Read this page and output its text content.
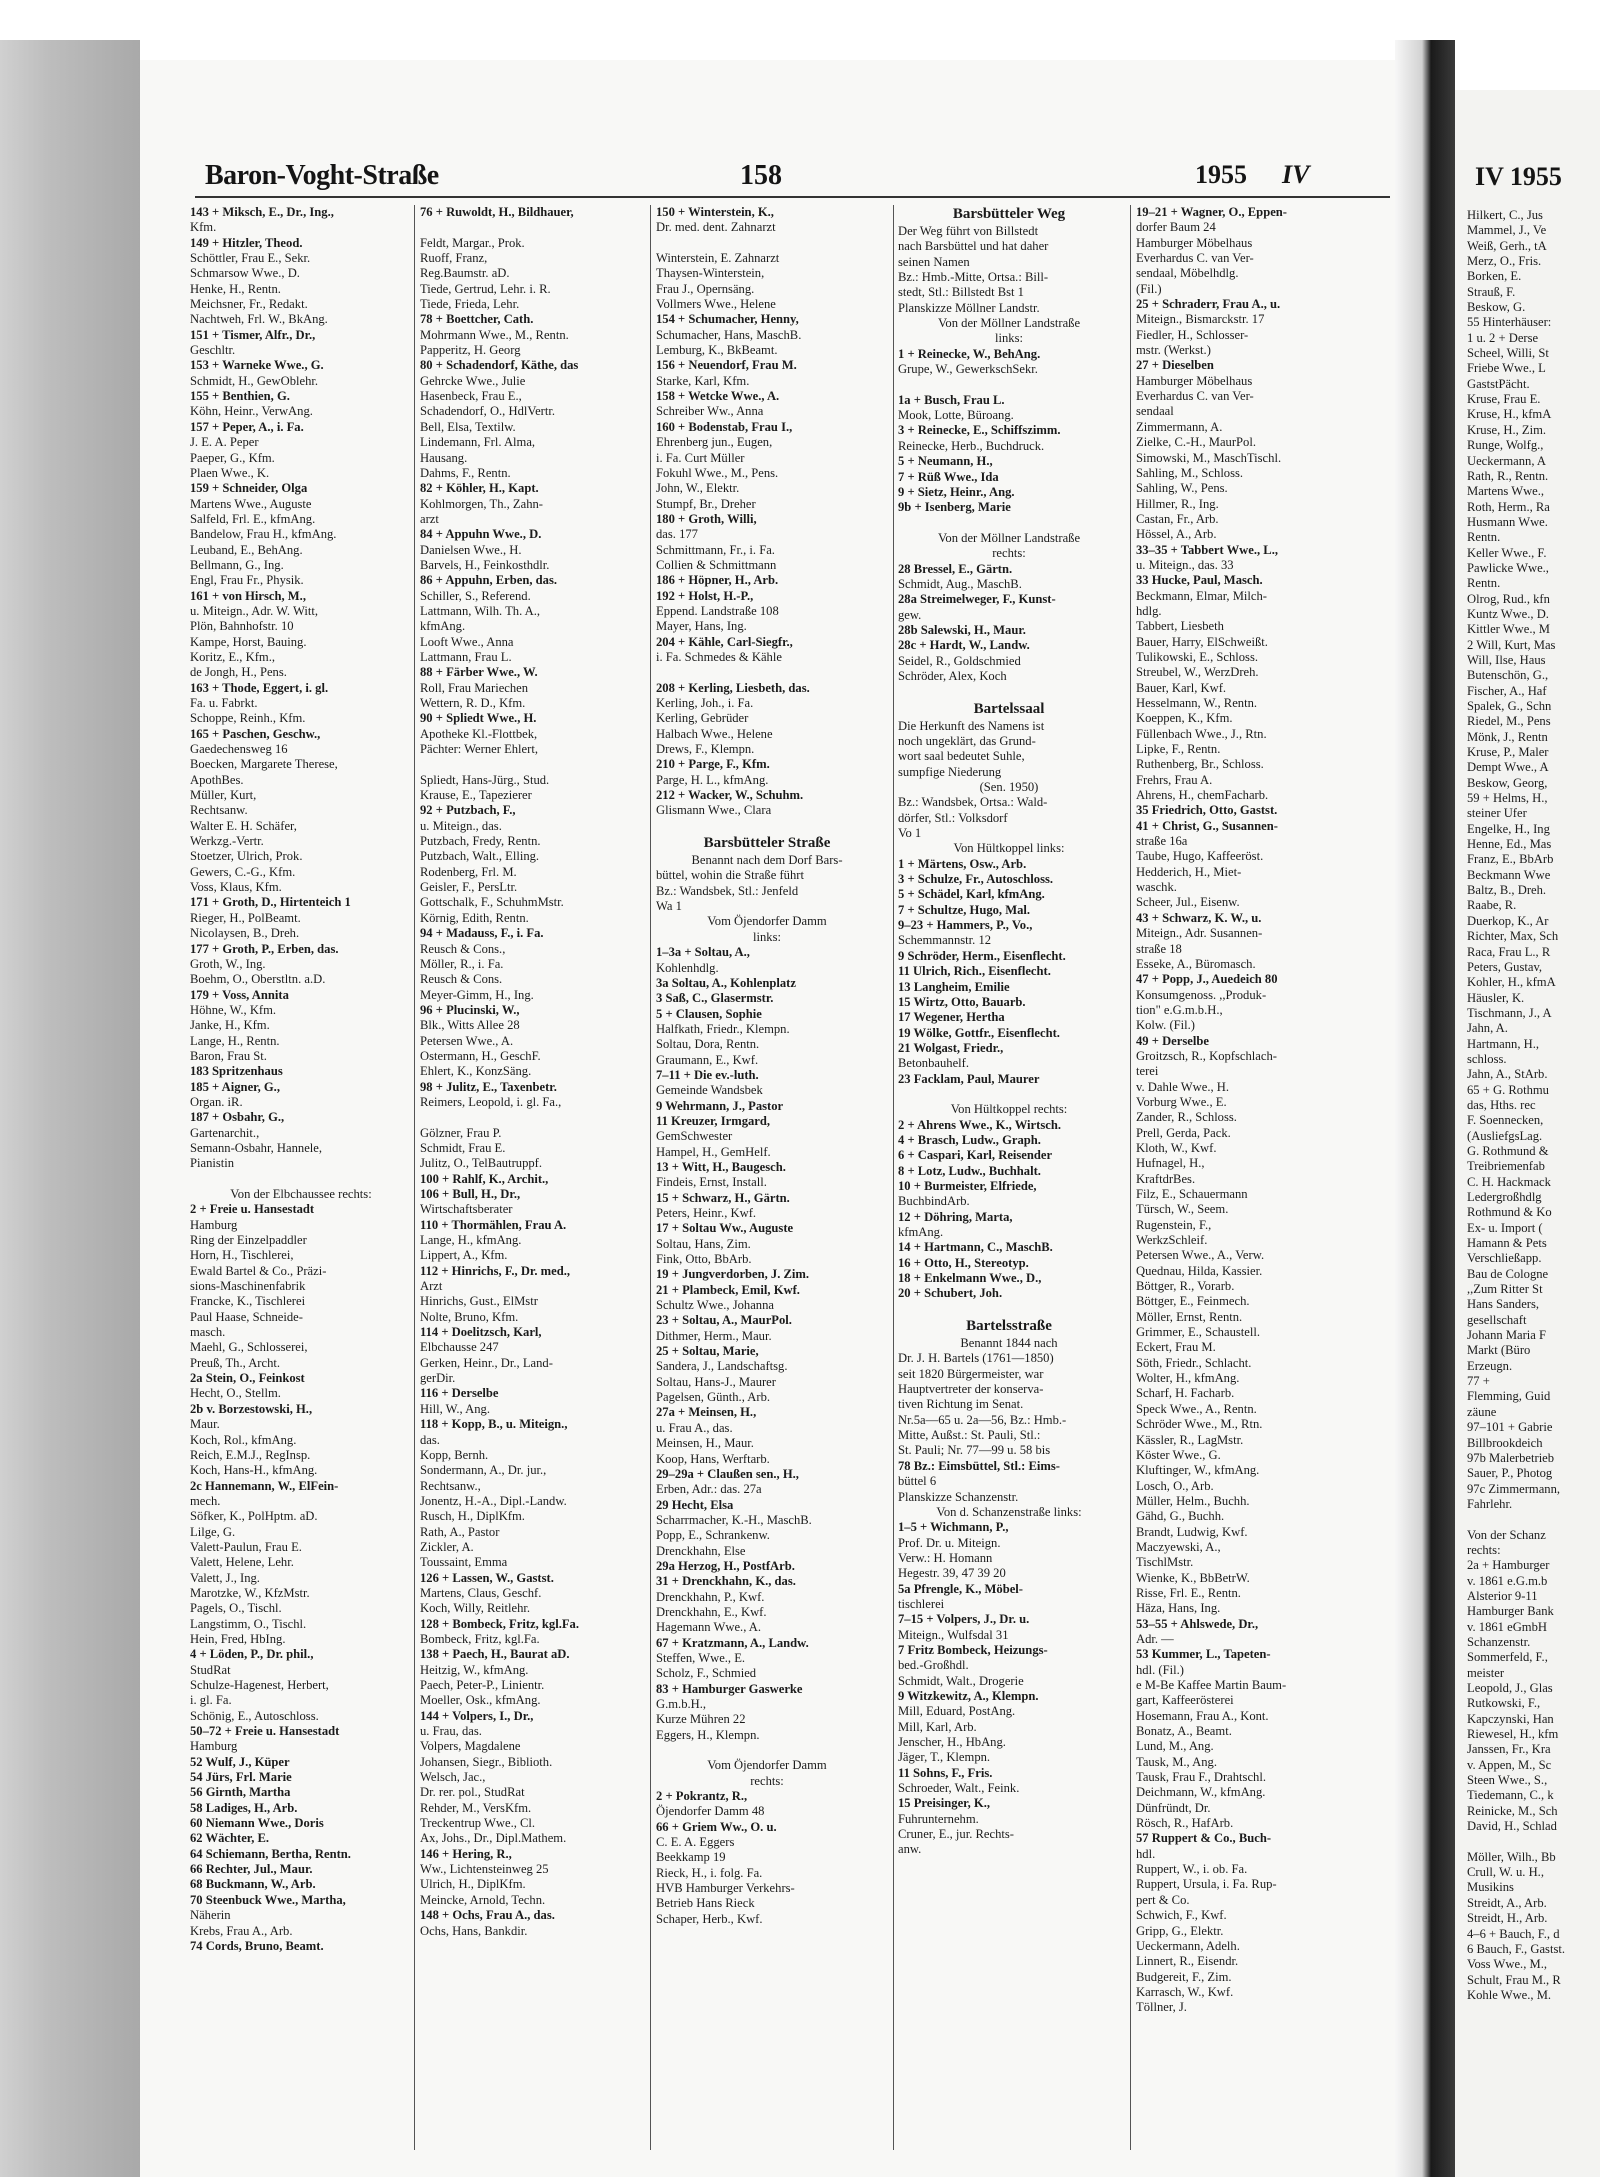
IV 1955
Hilkert, C., Jus
Mammel, J., Ve
Weiß, Gerh., tA
Merz, O., Fris.
Borken, E.
Strauß, F.
Beskow, G.
55 Hinterhäuser:
1 u. 2 + Derse
Scheel, Willi, St
Friebe Wwe., L
GaststPächt.
Kruse, Frau E.
Kruse, H., kfmA
Kruse, H., Zim.
Runge, Wolfg.,
Ueckermann, A
Rath, R., Rentn.
Martens Wwe.,
Roth, Herm., Ra
Husmann Wwe.
Rentn.
Keller Wwe., F.
Pawlicke Wwe.,
Rentn.
Olrog, Rud., kfn
Kuntz Wwe., D.
Kittler Wwe., M
2 Will, Kurt, Mas
Will, Ilse, Haus
Butenschön, G.,
Fischer, A., Haf
Spalek, G., Schn
Riedel, M., Pens
Mönk, J., Rentn
Kruse, P., Maler
Dempt Wwe., A
Beskow, Georg,
59 + Helms, H.,
steiner Ufer
Engelke, H., Ing
Henne, Ed., Mas
Franz, E., BbArb
Beckmann Wwe
Baltz, B., Dreh.
Raabe, R.
Duerkop, K., Ar
Richter, Max, Sch
Raca, Frau L., R
Peters, Gustav,
Kohler, H., kfmA
Häusler, K.
Tischmann, J., A
Jahn, A.
Hartmann, H.,
schloss.
Jahn, A., StArb.
65 + G. Rothmu
das, Hths. rec
F. Soennecken,
(AusliefgsLag.
G. Rothmund &
Treibriemenfab
C. H. Hackmack
Ledergroßhdlg
Rothmund & Ko
Ex- u. Import (
Hamann & Pets
Verschließapp.
Bau de Cologne
,,Zum Ritter St
Hans Sanders,
gesellschaft
Johann Maria F
Markt (Büro
Erzeugn.
77 +
Flemming, Guid
zäune
97–101 + Gabrie
Billbrookdeich
97b Malerbetrieb
Sauer, P., Photog
97c Zimmermann,
Fahrlehr.
Von der Schanz
rechts:
2a + Hamburger
v. 1861 e.G.m.b
Alsterior 9-11
Hamburger Bank
v. 1861 eGmbH
Schanzenstr.
Sommerfeld, F.,
meister
Leopold, J., Glas
Rutkowski, F.,
Kapczynski, Han
Riewesel, H., kfm
Janssen, Fr., Kra
v. Appen, M., Sc
Steen Wwe., S.,
Tiedemann, C., k
Reinicke, M., Sch
David, H., Schlad
Möller, Wilh., Bb
Crull, W. u. H.,
Musikins
Streidt, A., Arb.
Streidt, H., Arb.
4–6 + Bauch, F., d
6 Bauch, F., Gastst.
Voss Wwe., M.,
Schult, Frau M., R
Kohle Wwe., M.
Baron-Voght-Straße	158	1955 IV
143 + Miksch, E., Dr., Ing.,
Kfm.
149 + Hitzler, Theod.
Schöttler, Frau E., Sekr.
Schmarsow Wwe., D.
Henke, H., Rentn.
Meichsner, Fr., Redakt.
Nachtweh, Frl. W., BkAng.
151 + Tismer, Alfr., Dr.,
Geschltr.
153 + Warneke Wwe., G.
Schmidt, H., GewOblehr.
155 + Benthien, G.
Köhn, Heinr., VerwAng.
157 + Peper, A., i. Fa.
J. E. A. Peper
Paeper, G., Kfm.
Plaen Wwe., K.
159 + Schneider, Olga
Martens Wwe., Auguste
Salfeld, Frl. E., kfmAng.
Bandelow, Frau H., kfmAng.
Leuband, E., BehAng.
Bellmann, G., Ing.
Engl, Frau Fr., Physik.
161 + von Hirsch, M.,
u. Miteign., Adr. W. Witt,
Plön, Bahnhofstr. 10
Kampe, Horst, Bauing.
Koritz, E., Kfm.,
de Jongh, H., Pens.
163 + Thode, Eggert, i. gl.
Fa. u. Fabrkt.
Schoppe, Reinh., Kfm.
165 + Paschen, Geschw.,
Gaedechensweg 16
Boecken, Margarete Therese,
ApothBes.
Müller, Kurt,
Rechtsanw.
Walter E. H. Schäfer,
Werkzg.-Vertr.
Stoetzer, Ulrich, Prok.
Gewers, C.-G., Kfm.
Voss, Klaus, Kfm.
171 + Groth, D., Hirtenteich 1
Rieger, H., PolBeamt.
Nicolaysen, B., Dreh.
177 + Groth, P., Erben, das.
Groth, W., Ing.
Boehm, O., Oberstltn. a.D.
179 + Voss, Annita
Höhne, W., Kfm.
Janke, H., Kfm.
Lange, H., Rentn.
Baron, Frau St.
183 Spritzenhaus
185 + Aigner, G.,
Organ. iR.
187 + Osbahr, G.,
Gartenarchit.,
Semann-Osbahr, Hannele,
Pianistin
Von der Elbchaussee rechts:
2 + Freie u. Hansestadt
Hamburg
Ring der Einzelpaddler
Horn, H., Tischlerei,
Ewald Bartel & Co., Präzi-
sions-Maschinenfabrik
Francke, K., Tischlerei
Paul Haase, Schneide-
masch.
Maehl, G., Schlosserei,
Preuß, Th., Archt.
2a Stein, O., Feinkost
Hecht, O., Stellm.
2b v. Borzestowski, H.,
Maur.
Koch, Rol., kfmAng.
Reich, E.M.J., RegInsp.
Koch, Hans-H., kfmAng.
2c Hannemann, W., ElFein-
mech.
Söfker, K., PolHptm. aD.
Lilge, G.
Valett-Paulun, Frau E.
Valett, Helene, Lehr.
Valett, J., Ing.
Marotzke, W., KfzMstr.
Pagels, O., Tischl.
Langstimm, O., Tischl.
Hein, Fred, HbIng.
4 + Löden, P., Dr. phil.,
StudRat
Schulze-Hagenest, Herbert,
i. gl. Fa.
Schönig, E., Autoschloss.
50–72 + Freie u. Hansestadt
Hamburg
52 Wulf, J., Küper
54 Jürs, Frl. Marie
56 Girnth, Martha
58 Ladiges, H., Arb.
60 Niemann Wwe., Doris
62 Wächter, E.
64 Schiemann, Bertha, Rentn.
66 Rechter, Jul., Maur.
68 Buckmann, W., Arb.
70 Steenbuck Wwe., Martha,
Näherin
Krebs, Frau A., Arb.
74 Cords, Bruno, Beamt.
76 + Ruwoldt, H., Bildhauer,
Feldt, Margar., Prok.
Ruoff, Franz,
Reg.Baumstr. aD.
Tiede, Gertrud, Lehr. i. R.
Tiede, Frieda, Lehr.
78 + Boettcher, Cath.
Mohrmann Wwe., M., Rentn.
Papperitz, H. Georg
80 + Schadendorf, Käthe, das
Gehrcke Wwe., Julie
Hasenbeck, Frau E.,
Schadendorf, O., HdlVertr.
Bell, Elsa, Textilw.
Lindemann, Frl. Alma,
Hausang.
Dahms, F., Rentn.
82 + Köhler, H., Kapt.
Kohlmorgen, Th., Zahn-
arzt
84 + Appuhn Wwe., D.
Danielsen Wwe., H.
Barvels, H., Feinkosthdlr.
86 + Appuhn, Erben, das.
Schiller, S., Referend.
Lattmann, Wilh. Th. A.,
kfmAng.
Looft Wwe., Anna
Lattmann, Frau L.
88 + Färber Wwe., W.
Roll, Frau Mariechen
Wettern, R. D., Kfm.
90 + Spliedt Wwe., H.
Apotheke Kl.-Flottbek,
Pächter: Werner Ehlert,
Spliedt, Hans-Jürg., Stud.
Krause, E., Tapezierer
92 + Putzbach, F.,
u. Miteign., das.
Putzbach, Fredy, Rentn.
Putzbach, Walt., Elling.
Rodenberg, Frl. M.
Geisler, F., PersLtr.
Gottschalk, F., SchuhmMstr.
Körnig, Edith, Rentn.
94 + Madauss, F., i. Fa.
Reusch & Cons.,
Möller, R., i. Fa.
Reusch & Cons.
Meyer-Gimm, H., Ing.
96 + Plucinski, W.,
Blk., Witts Allee 28
Petersen Wwe., A.
Ostermann, H., GeschF.
Ehlert, K., KonzSäng.
98 + Julitz, E., Taxenbetr.
Reimers, Leopold, i. gl. Fa.,
Gölzner, Frau P.
Schmidt, Frau E.
Julitz, O., TelBautruppf.
100 + Rahlf, K., Archit.,
106 + Bull, H., Dr.,
Wirtschaftsberater
110 + Thormählen, Frau A.
Lange, H., kfmAng.
Lippert, A., Kfm.
112 + Hinrichs, F., Dr. med.,
Arzt
Hinrichs, Gust., ElMstr
Nolte, Bruno, Kfm.
114 + Doelitzsch, Karl,
Elbchausse 247
Gerken, Heinr., Dr., Land-
gerDir.
116 + Derselbe
Hill, W., Ang.
118 + Kopp, B., u. Miteign.,
das.
Kopp, Bernh.
Sondermann, A., Dr. jur.,
Rechtsanw.,
Jonentz, H.-A., Dipl.-Landw.
Rusch, H., DiplKfm.
Rath, A., Pastor
Zickler, A.
Toussaint, Emma
126 + Lassen, W., Gastst.
Martens, Claus, Geschf.
Koch, Willy, Reitlehr.
128 + Bombeck, Fritz, kgl.Fa.
Bombeck, Fritz, kgl.Fa.
138 + Paech, H., Baurat aD.
Heitzig, W., kfmAng.
Paech, Peter-P., Linientr.
Moeller, Osk., kfmAng.
144 + Volpers, I., Dr.,
u. Frau, das.
Volpers, Magdalene
Johansen, Siegr., Biblioth.
Welsch, Jac.,
Dr. rer. pol., StudRat
Rehder, M., VersKfm.
Treckentrup Wwe., Cl.
Ax, Johs., Dr., Dipl.Mathem.
146 + Hering, R.,
Ww., Lichtensteinweg 25
Ulrich, H., DiplKfm.
Meincke, Arnold, Techn.
148 + Ochs, Frau A., das.
Ochs, Hans, Bankdir.
150 + Winterstein, K.,
Dr. med. dent. Zahnarzt
Winterstein, E. Zahnarzt
Thaysen-Winterstein,
Frau J., Opernsäng.
Vollmers Wwe., Helene
154 + Schumacher, Henny,
Schumacher, Hans, MaschB.
Lemburg, K., BkBeamt.
156 + Neuendorf, Frau M.
Starke, Karl, Kfm.
158 + Wetcke Wwe., A.
Schreiber Ww., Anna
160 + Bodenstab, Frau I.,
Ehrenberg jun., Eugen,
i. Fa. Curt Müller
Fokuhl Wwe., M., Pens.
John, W., Elektr.
Stumpf, Br., Dreher
180 + Groth, Willi,
das. 177
Schmittmann, Fr., i. Fa.
Collien & Schmittmann
186 + Höpner, H., Arb.
192 + Holst, H.-P.,
Eppend. Landstraße 108
Mayer, Hans, Ing.
204 + Kähle, Carl-Siegfr.,
i. Fa. Schmedes & Kähle
208 + Kerling, Liesbeth, das.
Kerling, Joh., i. Fa.
Kerling, Gebrüder
Halbach Wwe., Helene
Drews, F., Klempn.
210 + Parge, F., Kfm.
Parge, H. L., kfmAng.
212 + Wacker, W., Schuhm.
Glismann Wwe., Clara
Barsbütteler Straße
Benannt nach dem Dorf Bars-
büttel, wohin die Straße führt
Bz.: Wandsbek, Stl.: Jenfeld
Wa 1
Vom Öjendorfer Damm
links:
1–3a + Soltau, A.,
Kohlenhdlg.
3a Soltau, A., Kohlenplatz
3 Saß, C., Glasermstr.
5 + Clausen, Sophie
Halfkath, Friedr., Klempn.
Soltau, Dora, Rentn.
Graumann, E., Kwf.
7–11 + Die ev.-luth.
Gemeinde Wandsbek
9 Wehrmann, J., Pastor
11 Kreuzer, Irmgard,
GemSchwester
Hampel, H., GemHelf.
13 + Witt, H., Baugesch.
Findeis, Ernst, Install.
15 + Schwarz, H., Gärtn.
Peters, Heinr., Kwf.
17 + Soltau Ww., Auguste
Soltau, Hans, Zim.
Fink, Otto, BbArb.
19 + Jungverdorben, J. Zim.
21 + Plambeck, Emil, Kwf.
Schultz Wwe., Johanna
23 + Soltau, A., MaurPol.
Dithmer, Herm., Maur.
25 + Soltau, Marie,
Sandera, J., Landschaftsg.
Soltau, Hans-J., Maurer
Pagelsen, Günth., Arb.
27a + Meinsen, H.,
u. Frau A., das.
Meinsen, H., Maur.
Koop, Hans, Werftarb.
29–29a + Claußen sen., H.,
Erben, Adr.: das. 27a
29 Hecht, Elsa
Scharrmacher, K.-H., MaschB.
Popp, E., Schrankenw.
Drenckhahn, Else
29a Herzog, H., PostfArb.
31 + Drenckhahn, K., das.
Drenckhahn, P., Kwf.
Drenckhahn, E., Kwf.
Hagemann Wwe., A.
67 + Kratzmann, A., Landw.
Steffen, Wwe., E.
Scholz, F., Schmied
83 + Hamburger Gaswerke
G.m.b.H.,
Kurze Mühren 22
Eggers, H., Klempn.
Vom Öjendorfer Damm
rechts:
2 + Pokrantz, R.,
Öjendorfer Damm 48
66 + Griem Ww., O. u.
C. E. A. Eggers
Beekkamp 19
Rieck, H., i. folg. Fa.
HVB Hamburger Verkehrs-
Betrieb Hans Rieck
Schaper, Herb., Kwf.
Barsbütteler Weg
Der Weg führt von Billstedt
nach Barsbüttel und hat daher
seinen Namen
Bz.: Hmb.-Mitte, Ortsa.: Bill-
stedt, Stl.: Billstedt Bst 1
Planskizze Möllner Landstr.
Von der Möllner Landstraße
links:
1 + Reinecke, W., BehAng.
Grupe, W., GewerkschSekr.
1a + Busch, Frau L.
Mook, Lotte, Büroang.
3 + Reinecke, E., Schiffszimm.
Reinecke, Herb., Buchdruck.
5 + Neumann, H.,
7 + Rüß Wwe., Ida
9 + Sietz, Heinr., Ang.
9b + Isenberg, Marie
Von der Möllner Landstraße
rechts:
28 Bressel, E., Gärtn.
Schmidt, Aug., MaschB.
28a Streimelweger, F., Kunst-
gew.
28b Salewski, H., Maur.
28c + Hardt, W., Landw.
Seidel, R., Goldschmied
Schröder, Alex, Koch
Bartelssaal
Die Herkunft des Namens ist
noch ungeklärt, das Grund-
wort saal bedeutet Suhle,
sumpfige Niederung
(Sen. 1950)
Bz.: Wandsbek, Ortsa.: Wald-
dörfer, Stl.: Volksdorf
Vo 1
Von Hültkoppel links:
1 + Märtens, Osw., Arb.
3 + Schulze, Fr., Autoschloss.
5 + Schädel, Karl, kfmAng.
7 + Schultze, Hugo, Mal.
9–23 + Hammers, P., Vo.,
Schemmannstr. 12
9 Schröder, Herm., Eisenflecht.
11 Ulrich, Rich., Eisenflecht.
13 Langheim, Emilie
15 Wirtz, Otto, Bauarb.
17 Wegener, Hertha
19 Wölke, Gottfr., Eisenflecht.
21 Wolgast, Friedr.,
Betonbauhelf.
23 Facklam, Paul, Maurer
Von Hültkoppel rechts:
2 + Ahrens Wwe., K., Wirtsch.
4 + Brasch, Ludw., Graph.
6 + Caspari, Karl, Reisender
8 + Lotz, Ludw., Buchhalt.
10 + Burmeister, Elfriede,
BuchbindArb.
12 + Döhring, Marta,
kfmAng.
14 + Hartmann, C., MaschB.
16 + Otto, H., Stereotyp.
18 + Enkelmann Wwe., D.,
20 + Schubert, Joh.
Bartelsstraße
Benannt 1844 nach
Dr. J. H. Bartels (1761—1850)
seit 1820 Bürgermeister, war
Hauptvertreter der konserva-
tiven Richtung im Senat.
Nr.5a—65 u. 2a—56, Bz.: Hmb.-
Mitte, Außst.: St. Pauli, Stl.:
St. Pauli; Nr. 77—99 u. 58 bis
78 Bz.: Eimsbüttel, Stl.: Eims-
büttel 6
Planskizze Schanzenstr.
Von d. Schanzenstraße links:
1–5 + Wichmann, P.,
Prof. Dr. u. Miteign.
Verw.: H. Homann
Hegestr. 39, 47 39 20
5a Pfrengle, K., Möbel-
tischlerei
7–15 + Volpers, J., Dr. u.
Miteign., Wulfsdal 31
7 Fritz Bombeck, Heizungs-
bed.-Großhdl.
Schmidt, Walt., Drogerie
9 Witzkewitz, A., Klempn.
Mill, Eduard, PostAng.
Mill, Karl, Arb.
Jenscher, H., HbAng.
Jäger, T., Klempn.
11 Sohns, F., Fris.
Schroeder, Walt., Feink.
15 Preisinger, K.,
Fuhrunternehm.
Cruner, E., jur. Rechts-
anw.
19–21 + Wagner, O., Eppen-
dorfer Baum 24
Hamburger Möbelhaus
Everhardus C. van Ver-
sendaal, Möbelhdlg.
(Fil.)
25 + Schraderr, Frau A., u.
Miteign., Bismarckstr. 17
Fiedler, H., Schlosser-
mstr. (Werkst.)
27 + Dieselben
Hamburger Möbelhaus
Everhardus C. van Ver-
sendaal
Zimmermann, A.
Zielke, C.-H., MaurPol.
Simowski, M., MaschTischl.
Sahling, M., Schloss.
Sahling, W., Pens.
Hillmer, R., Ing.
Castan, Fr., Arb.
Hössel, A., Arb.
33–35 + Tabbert Wwe., L.,
u. Miteign., das. 33
33 Hucke, Paul, Masch.
Beckmann, Elmar, Milch-
hdlg.
Tabbert, Liesbeth
Bauer, Harry, ElSchweißt.
Tulikowski, E., Schloss.
Streubel, W., WerzDreh.
Bauer, Karl, Kwf.
Hesselmann, W., Rentn.
Koeppen, K., Kfm.
Füllenbach Wwe., J., Rtn.
Lipke, F., Rentn.
Ruthenberg, Br., Schloss.
Frehrs, Frau A.
Ahrens, H., chemFacharb.
35 Friedrich, Otto, Gastst.
41 + Christ, G., Susannen-
straße 16a
Taube, Hugo, Kaffeeröst.
Hedderich, H., Miet-
waschk.
Scheer, Jul., Eisenw.
43 + Schwarz, K. W., u.
Miteign., Adr. Susannen-
straße 18
Esseke, A., Büromasch.
47 + Popp, J., Auedeich 80
Konsumgenoss. ,,Produk-
tion" e.G.m.b.H.,
Kolw. (Fil.)
49 + Derselbe
Groitzsch, R., Kopfschlach-
terei
v. Dahle Wwe., H.
Vorburg Wwe., E.
Zander, R., Schloss.
Prell, Gerda, Pack.
Kloth, W., Kwf.
Hufnagel, H.,
KraftdrBes.
Filz, E., Schauermann
Türsch, W., Seem.
Rugenstein, F.,
WerkzSchleif.
Petersen Wwe., A., Verw.
Quednau, Hilda, Kassier.
Böttger, R., Vorarb.
Böttger, E., Feinmech.
Möller, Ernst, Rentn.
Grimmer, E., Schaustell.
Eckert, Frau M.
Söth, Friedr., Schlacht.
Wolter, H., kfmAng.
Scharf, H. Facharb.
Speck Wwe., A., Rentn.
Schröder Wwe., M., Rtn.
Kässler, R., LagMstr.
Köster Wwe., G.
Kluftinger, W., kfmAng.
Losch, O., Arb.
Müller, Helm., Buchh.
Gähd, G., Buchh.
Brandt, Ludwig, Kwf.
Maczyewski, A.,
TischlMstr.
Wienke, K., BbBetrW.
Risse, Frl. E., Rentn.
Häza, Hans, Ing.
53–55 + Ahlswede, Dr.,
Adr. —
53 Kummer, L., Tapeten-
hdl. (Fil.)
e M-Be Kaffee Martin Baum-
gart, Kaffeerösterei
Hosemann, Frau A., Kont.
Bonatz, A., Beamt.
Lund, M., Ang.
Tausk, M., Ang.
Tausk, Frau F., Drahtschl.
Deichmann, W., kfmAng.
Dünfründt, Dr.
Rösch, R., HafArb.
57 Ruppert & Co., Buch-
hdl.
Ruppert, W., i. ob. Fa.
Ruppert, Ursula, i. Fa. Rup-
pert & Co.
Schwich, F., Kwf.
Gripp, G., Elektr.
Ueckermann, Adelh.
Linnert, R., Eisendr.
Budgereit, F., Zim.
Karrasch, W., Kwf.
Töllner, J.
